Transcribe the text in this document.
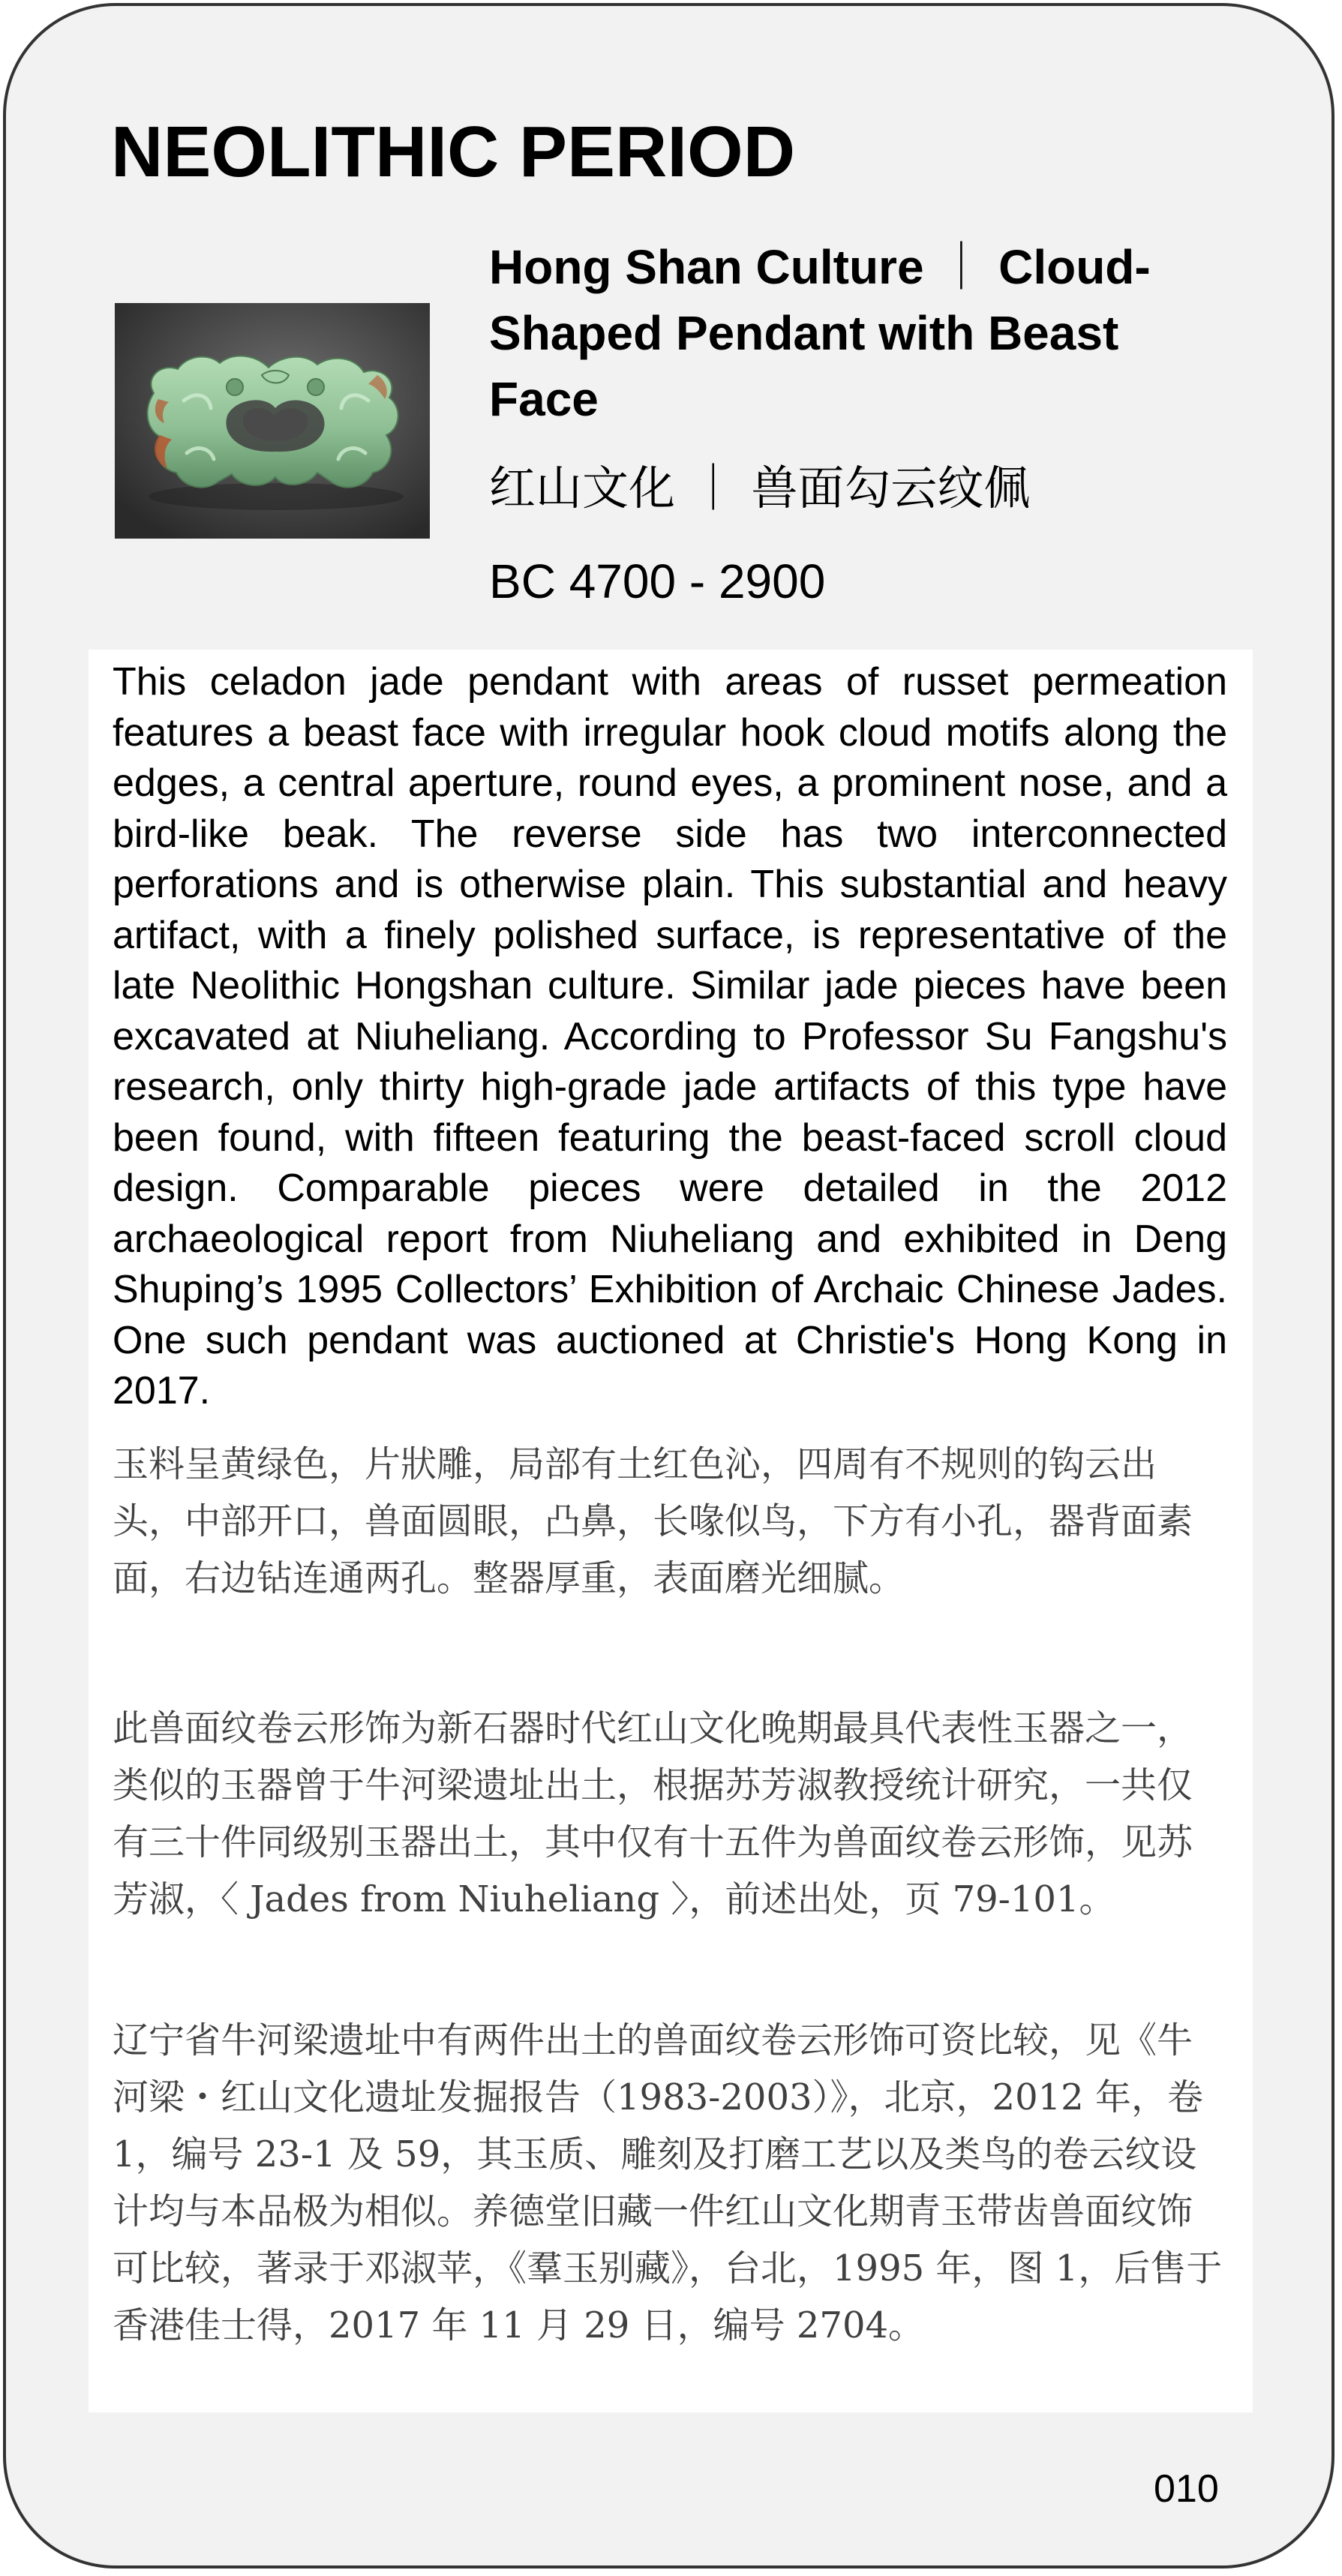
NEOLITHIC PERIOD
Hong Shan Culture ｜ Cloud-Shaped Pendant with Beast Face

红山文化 ｜ 兽面勾云纹佩

BC 4700 - 2900

This celadon jade pendant with areas of russet permeation features a beast face with irregular hook cloud motifs along the edges, a central aperture, round eyes, a prominent nose, and a bird-like beak. The reverse side has two interconnected perforations and is otherwise plain. This substantial and heavy artifact, with a finely polished surface, is representative of the late Neolithic Hongshan culture. Similar jade pieces have been excavated at Niuheliang. According to Professor Su Fangshu's research, only thirty high-grade jade artifacts of this type have been found, with fifteen featuring the beast-faced scroll cloud design. Comparable pieces were detailed in the 2012 archaeological report from Niuheliang and exhibited in Deng Shuping’s 1995 Collectors’ Exhibition of Archaic Chinese Jades. One such pendant was auctioned at Christie's Hong Kong in 2017.

玉料呈黄绿色，片狀雕，局部有土红色沁，四周有不规则的钩云出头，中部开口，兽面圆眼，凸鼻，长喙似鸟，下方有小孔，器背面素面，右边钻连通两孔。整器厚重，表面磨光细腻。

此兽面纹卷云形饰为新石器时代红山文化晚期最具代表性玉器之一，类似的玉器曾于牛河梁遗址出土，根据苏芳淑教授统计研究，一共仅有三十件同级别玉器出土，其中仅有十五件为兽面纹卷云形饰，见苏芳淑，〈 Jades from Niuheliang 〉，前述出处，页 79-101。

辽宁省牛河梁遗址中有两件出土的兽面纹卷云形饰可资比较，见《牛河梁・红山文化遗址发掘报告（1983-2003）》，北京，2012 年，卷 1，编号 23-1 及 59，其玉质、雕刻及打磨工艺以及类鸟的卷云纹设计均与本品极为相似。养德堂旧藏一件红山文化期青玉带齿兽面纹饰可比较，著录于邓淑苹，《羣玉别藏》，台北，1995 年，图 1，后售于香港佳士得，2017 年 11 月 29 日，编号 2704。

010
